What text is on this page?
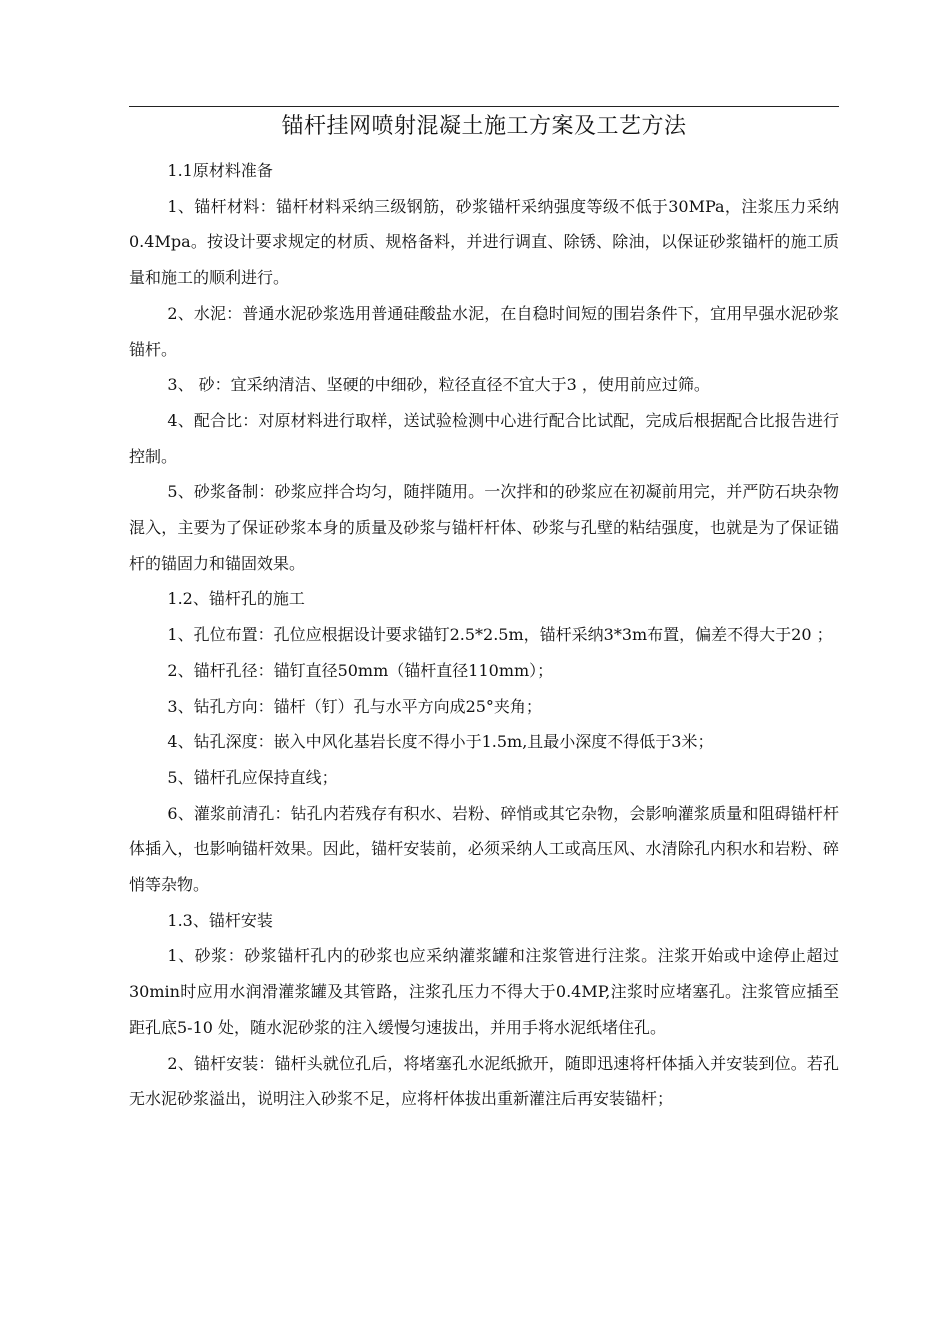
锚杆挂网喷射混凝土施工方案及工艺方法

1.1原材料准备

1、锚杆材料：锚杆材料采纳三级钢筋，砂浆锚杆采纳强度等级不低于30MPa，注浆压力采纳0.4Mpa。按设计要求规定的材质、规格备料，并进行调直、除锈、除油，以保证砂浆锚杆的施工质量和施工的顺利进行。

2、水泥：普通水泥砂浆选用普通硅酸盐水泥，在自稳时间短的围岩条件下，宜用早强水泥砂浆锚杆。

3、 砂：宜采纳清洁、坚硬的中细砂，粒径直径不宜大于3 ，使用前应过筛。

4、配合比：对原材料进行取样，送试验检测中心进行配合比试配，完成后根据配合比报告进行控制。

5、砂浆备制：砂浆应拌合均匀，随拌随用。一次拌和的砂浆应在初凝前用完，并严防石块杂物混入，主要为了保证砂浆本身的质量及砂浆与锚杆杆体、砂浆与孔壁的粘结强度，也就是为了保证锚杆的锚固力和锚固效果。

1.2、锚杆孔的施工

1、孔位布置：孔位应根据设计要求锚钉2.5*2.5m，锚杆采纳3*3m布置，偏差不得大于20 ；

2、锚杆孔径：锚钉直径50mm（锚杆直径110mm）；

3、钻孔方向：锚杆（钉）孔与水平方向成25°夹角；

4、钻孔深度：嵌入中风化基岩长度不得小于1.5m,且最小深度不得低于3米；

5、锚杆孔应保持直线；

6、灌浆前清孔：钻孔内若残存有积水、岩粉、碎悄或其它杂物，会影响灌浆质量和阻碍锚杆杆体插入，也影响锚杆效果。因此，锚杆安装前，必须采纳人工或高压风、水清除孔内积水和岩粉、碎悄等杂物。

1.3、锚杆安装

1、砂浆：砂浆锚杆孔内的砂浆也应采纳灌浆罐和注浆管进行注浆。注浆开始或中途停止超过30min时应用水润滑灌浆罐及其管路，注浆孔压力不得大于0.4MP,注浆时应堵塞孔。注浆管应插至距孔底5-10 处，随水泥砂浆的注入缓慢匀速拔出，并用手将水泥纸堵住孔。

2、锚杆安装：锚杆头就位孔后，将堵塞孔水泥纸掀开，随即迅速将杆体插入并安装到位。若孔无水泥砂浆溢出，说明注入砂浆不足，应将杆体拔出重新灌注后再安装锚杆；
